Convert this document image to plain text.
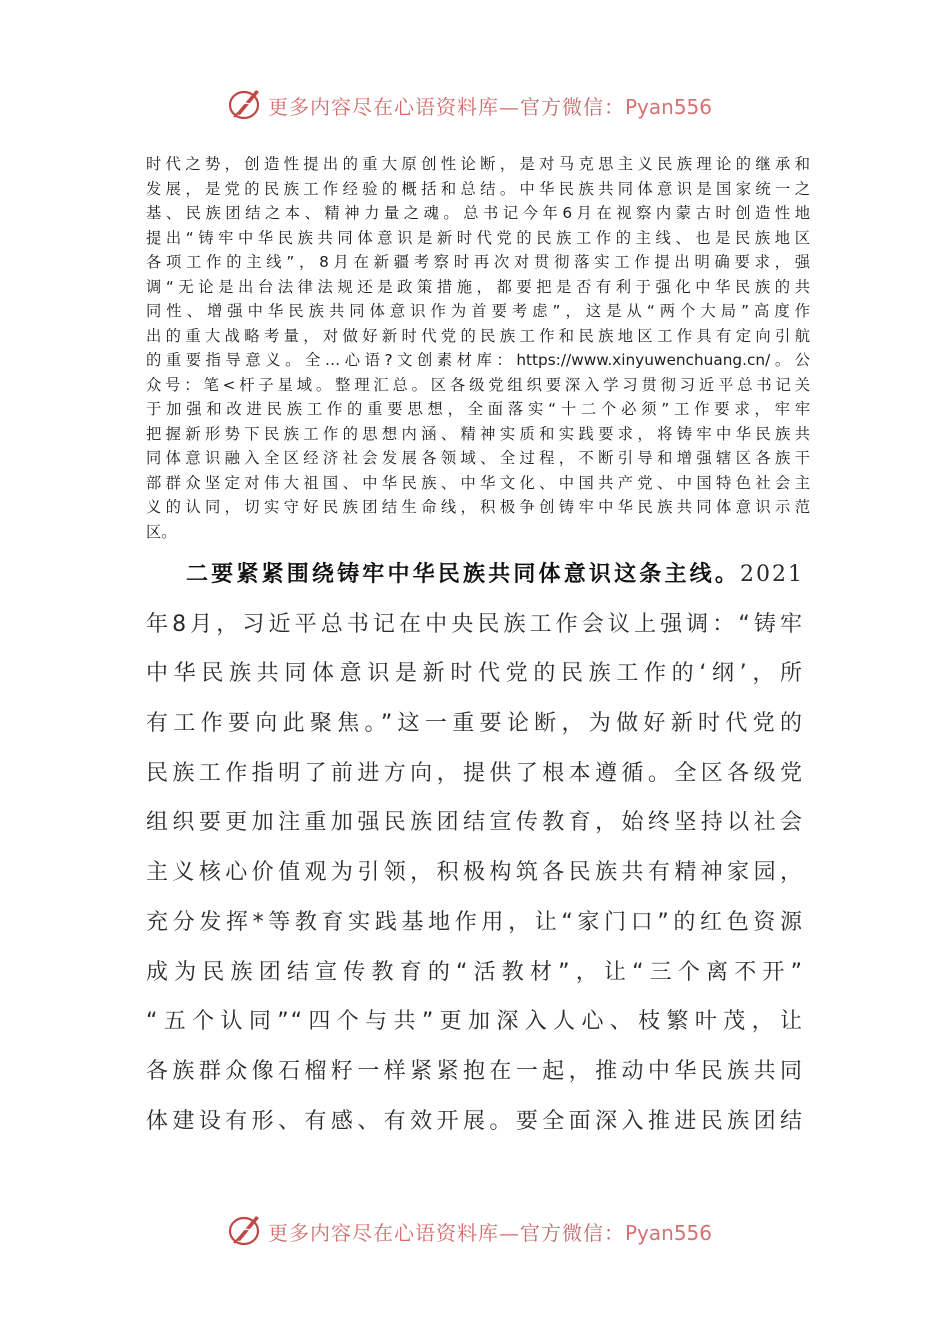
更多内容尽在心语资料库—官方微信：Pyan556
时代之势，创造性提出的重大原创性论断，是对马克思主义民族理论的继承和
发展，是党的民族工作经验的概括和总结。中华民族共同体意识是国家统一之
基、民族团结之本、精神力量之魂。总书记今年6月在视察内蒙古时创造性地
提出“铸牢中华民族共同体意识是新时代党的民族工作的主线、也是民族地区
各项工作的主线”，8月在新疆考察时再次对贯彻落实工作提出明确要求，强
调“无论是出台法律法规还是政策措施，都要把是否有利于强化中华民族的共
同性、增强中华民族共同体意识作为首要考虑”，这是从“两个大局”高度作
出的重大战略考量，对做好新时代党的民族工作和民族地区工作具有定向引航
的重要指导意义。全…心语?文创素材库：https://www.xinyuwenchuang.cn/。公
众号：笔<杆子星域。整理汇总。区各级党组织要深入学习贯彻习近平总书记关
于加强和改进民族工作的重要思想，全面落实“十二个必须”工作要求，牢牢
把握新形势下民族工作的思想内涵、精神实质和实践要求，将铸牢中华民族共
同体意识融入全区经济社会发展各领域、全过程，不断引导和增强辖区各族干
部群众坚定对伟大祖国、中华民族、中华文化、中国共产党、中国特色社会主
义的认同，切实守好民族团结生命线，积极争创铸牢中华民族共同体意识示范
区。
二要紧紧围绕铸牢中华民族共同体意识这条主线。2021
年8月，习近平总书记在中央民族工作会议上强调：“铸牢
中华民族共同体意识是新时代党的民族工作的‘纲’，所
有工作要向此聚焦。”这一重要论断，为做好新时代党的
民族工作指明了前进方向，提供了根本遵循。全区各级党
组织要更加注重加强民族团结宣传教育，始终坚持以社会
主义核心价值观为引领，积极构筑各民族共有精神家园，
充分发挥*等教育实践基地作用，让“家门口”的红色资源
成为民族团结宣传教育的“活教材”，让“三个离不开”
“五个认同”“四个与共”更加深入人心、枝繁叶茂，让
各族群众像石榴籽一样紧紧抱在一起，推动中华民族共同
体建设有形、有感、有效开展。要全面深入推进民族团结
更多内容尽在心语资料库—官方微信：Pyan556
